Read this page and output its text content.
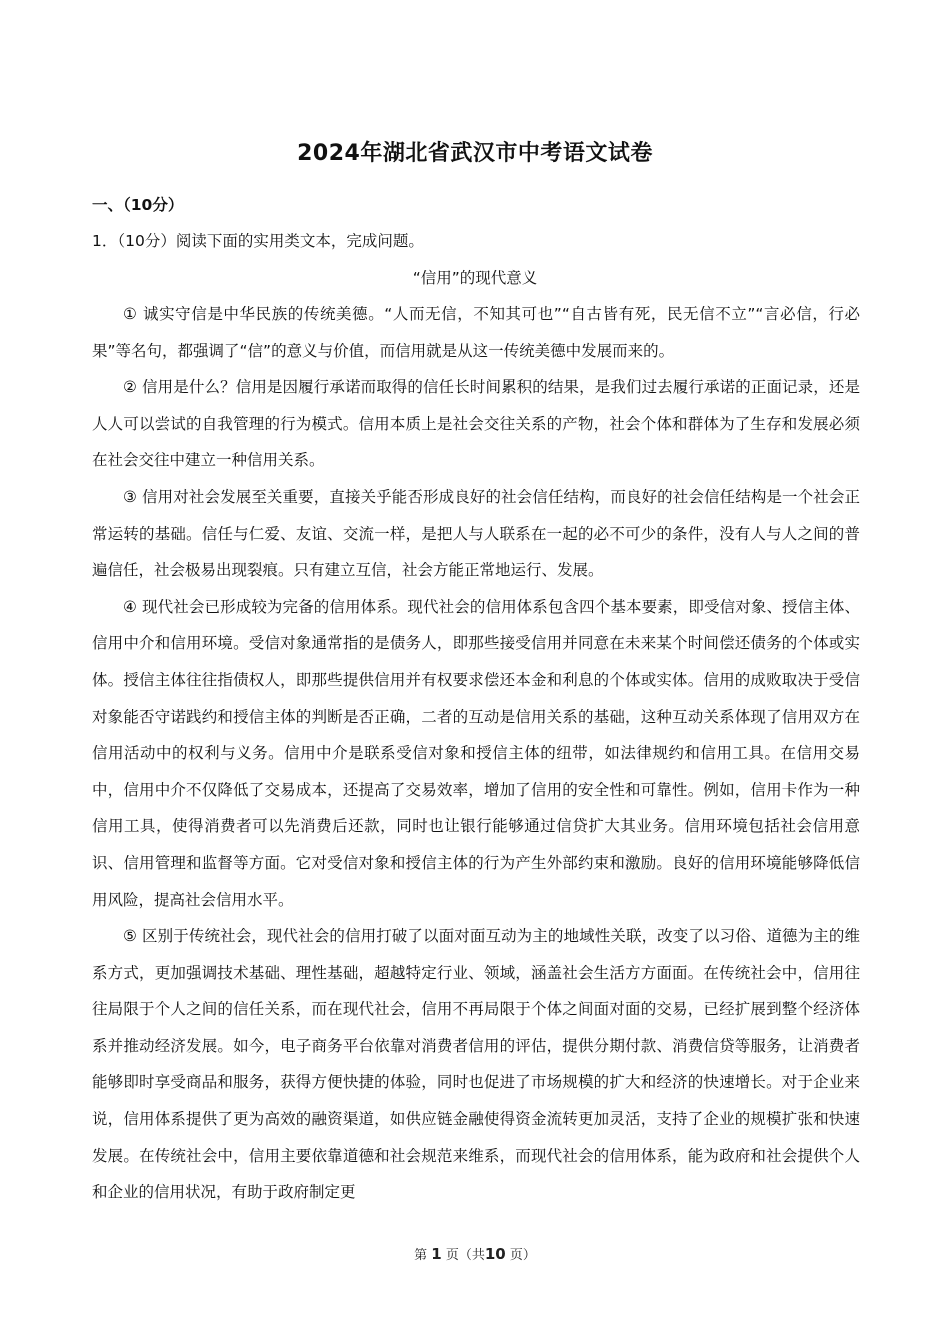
2024年湖北省武汉市中考语文试卷
一、（10分）
1．（10分）阅读下面的实用类文本，完成问题。
“信用”的现代意义

① 诚实守信是中华民族的传统美德。“人而无信，不知其可也”“自古皆有死，民无信不立”“言必信，行必果”等名句，都强调了“信”的意义与价值，而信用就是从这一传统美德中发展而来的。

② 信用是什么？信用是因履行承诺而取得的信任长时间累积的结果，是我们过去履行承诺的正面记录，还是人人可以尝试的自我管理的行为模式。信用本质上是社会交往关系的产物，社会个体和群体为了生存和发展必须在社会交往中建立一种信用关系。

③ 信用对社会发展至关重要，直接关乎能否形成良好的社会信任结构，而良好的社会信任结构是一个社会正常运转的基础。信任与仁爱、友谊、交流一样，是把人与人联系在一起的必不可少的条件，没有人与人之间的普遍信任，社会极易出现裂痕。只有建立互信，社会方能正常地运行、发展。

④ 现代社会已形成较为完备的信用体系。现代社会的信用体系包含四个基本要素，即受信对象、授信主体、信用中介和信用环境。受信对象通常指的是债务人，即那些接受信用并同意在未来某个时间偿还债务的个体或实体。授信主体往往指债权人，即那些提供信用并有权要求偿还本金和利息的个体或实体。信用的成败取决于受信对象能否守诺践约和授信主体的判断是否正确，二者的互动是信用关系的基础，这种互动关系体现了信用双方在信用活动中的权利与义务。信用中介是联系受信对象和授信主体的纽带，如法律规约和信用工具。在信用交易中，信用中介不仅降低了交易成本，还提高了交易效率，增加了信用的安全性和可靠性。例如，信用卡作为一种信用工具，使得消费者可以先消费后还款，同时也让银行能够通过信贷扩大其业务。信用环境包括社会信用意识、信用管理和监督等方面。它对受信对象和授信主体的行为产生外部约束和激励。良好的信用环境能够降低信用风险，提高社会信用水平。

⑤ 区别于传统社会，现代社会的信用打破了以面对面互动为主的地域性关联，改变了以习俗、道德为主的维系方式，更加强调技术基础、理性基础，超越特定行业、领域，涵盖社会生活方方面面。在传统社会中，信用往往局限于个人之间的信任关系，而在现代社会，信用不再局限于个体之间面对面的交易，已经扩展到整个经济体系并推动经济发展。如今，电子商务平台依靠对消费者信用的评估，提供分期付款、消费信贷等服务，让消费者能够即时享受商品和服务，获得方便快捷的体验，同时也促进了市场规模的扩大和经济的快速增长。对于企业来说，信用体系提供了更为高效的融资渠道，如供应链金融使得资金流转更加灵活，支持了企业的规模扩张和快速发展。在传统社会中，信用主要依靠道德和社会规范来维系，而现代社会的信用体系，能为政府和社会提供个人和企业的信用状况，有助于政府制定更

第 1 页（共10 页）
